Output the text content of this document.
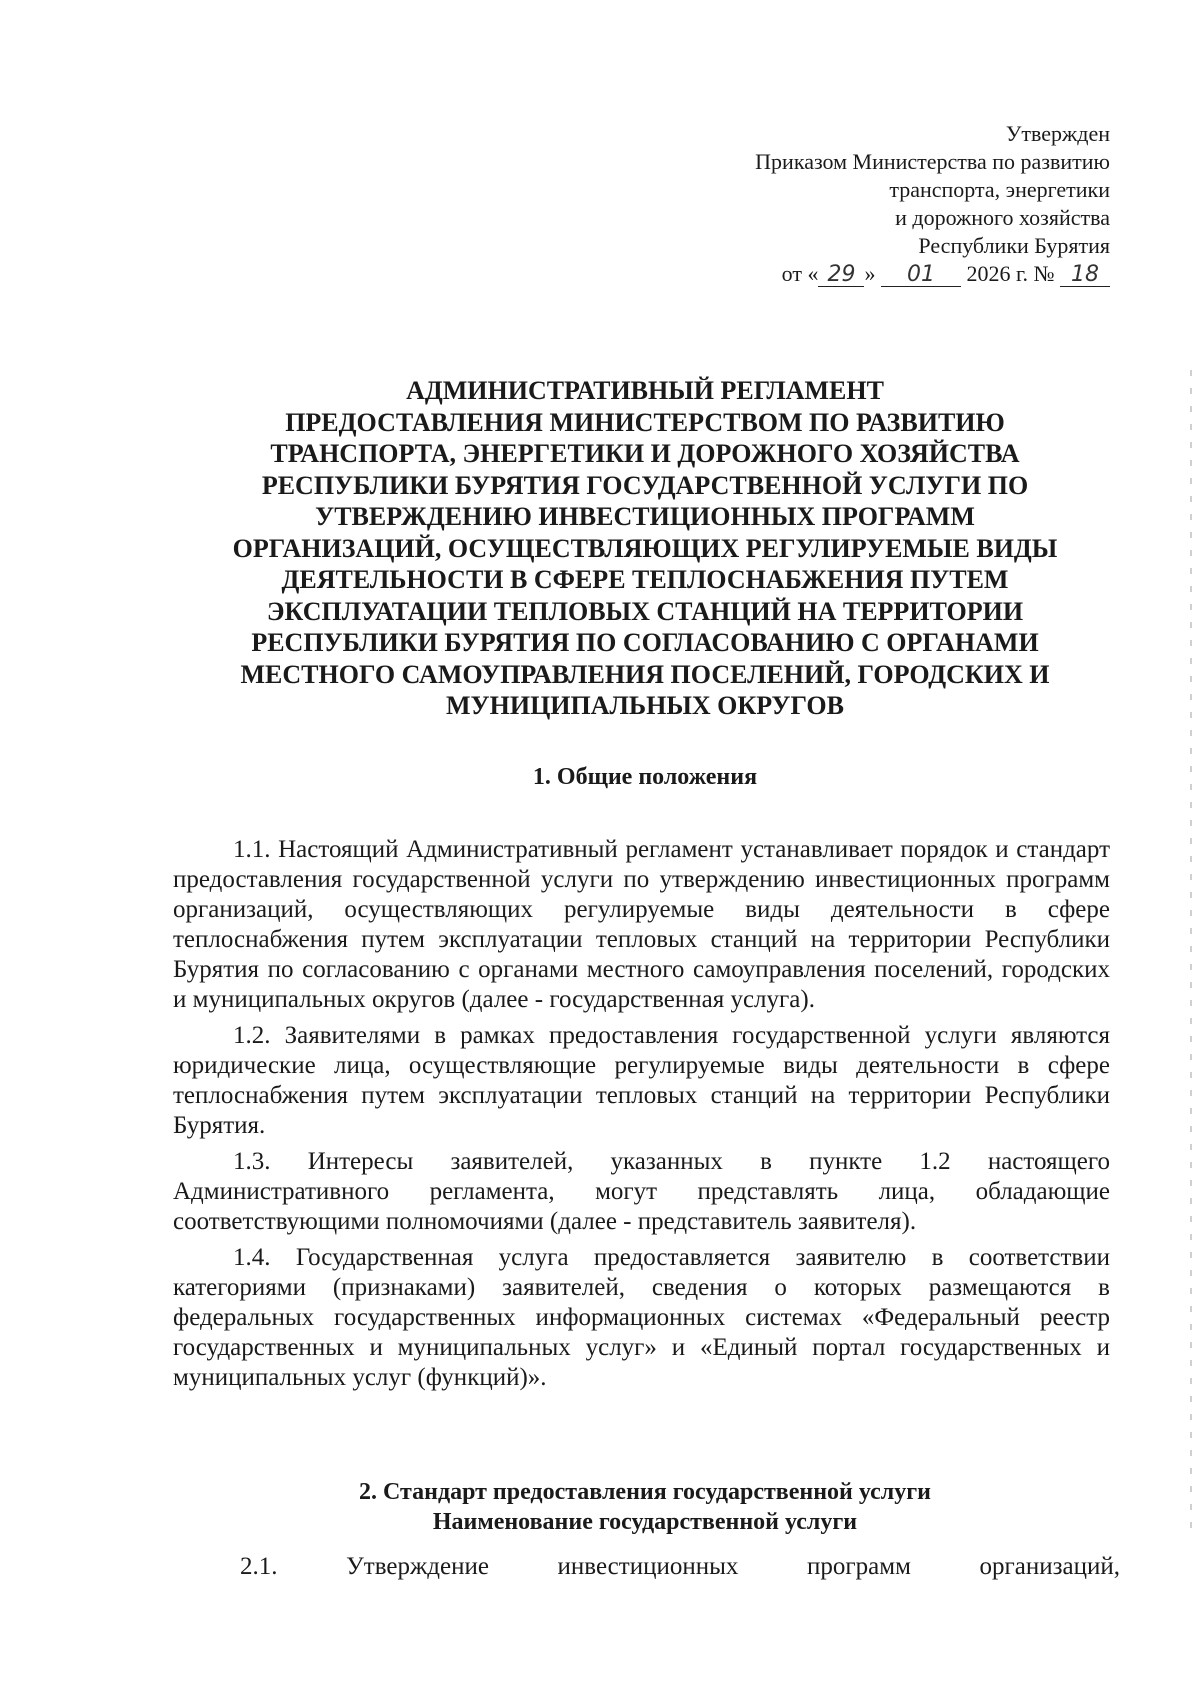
Утвержден
Приказом Министерства по развитию
транспорта, энергетики
и дорожного хозяйства
Республики Бурятия
от « 29 » 01 2026 г. № 18
АДМИНИСТРАТИВНЫЙ РЕГЛАМЕНТ
ПРЕДОСТАВЛЕНИЯ МИНИСТЕРСТВОМ ПО РАЗВИТИЮ
ТРАНСПОРТА, ЭНЕРГЕТИКИ И ДОРОЖНОГО ХОЗЯЙСТВА
РЕСПУБЛИКИ БУРЯТИЯ ГОСУДАРСТВЕННОЙ УСЛУГИ ПО
УТВЕРЖДЕНИЮ ИНВЕСТИЦИОННЫХ ПРОГРАММ
ОРГАНИЗАЦИЙ, ОСУЩЕСТВЛЯЮЩИХ РЕГУЛИРУЕМЫЕ ВИДЫ
ДЕЯТЕЛЬНОСТИ В СФЕРЕ ТЕПЛОСНАБЖЕНИЯ ПУТЕМ
ЭКСПЛУАТАЦИИ ТЕПЛОВЫХ СТАНЦИЙ НА ТЕРРИТОРИИ
РЕСПУБЛИКИ БУРЯТИЯ ПО СОГЛАСОВАНИЮ С ОРГАНАМИ
МЕСТНОГО САМОУПРАВЛЕНИЯ ПОСЕЛЕНИЙ, ГОРОДСКИХ И
МУНИЦИПАЛЬНЫХ ОКРУГОВ
1. Общие положения

1.1. Настоящий Административный регламент устанавливает порядок и стандарт предоставления государственной услуги по утверждению инвестиционных программ организаций, осуществляющих регулируемые виды деятельности в сфере теплоснабжения путем эксплуатации тепловых станций на территории Республики Бурятия по согласованию с органами местного самоуправления поселений, городских и муниципальных округов (далее - государственная услуга).

1.2. Заявителями в рамках предоставления государственной услуги являются юридические лица, осуществляющие регулируемые виды деятельности в сфере теплоснабжения путем эксплуатации тепловых станций на территории Республики Бурятия.

1.3. Интересы заявителей, указанных в пункте 1.2 настоящего Административного регламента, могут представлять лица, обладающие соответствующими полномочиями (далее - представитель заявителя).

1.4. Государственная услуга предоставляется заявителю в соответствии категориями (признаками) заявителей, сведения о которых размещаются в федеральных государственных информационных системах «Федеральный реестр государственных и муниципальных услуг» и «Единый портал государственных и муниципальных услуг (функций)».

2. Стандарт предоставления государственной услуги
Наименование государственной услуги
2.1.	Утверждение	инвестиционных	программ	организаций,
